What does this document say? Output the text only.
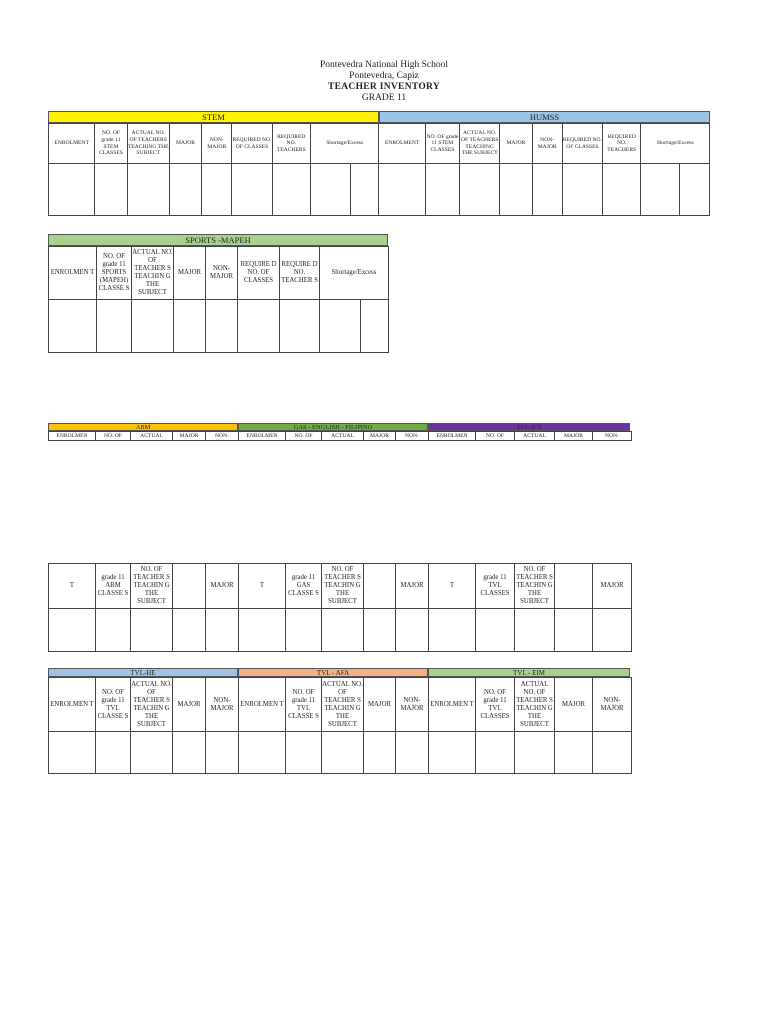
Pontevedra National High School
Pontevedra, Capiz
TEACHER INVENTORY
GRADE 11
STEM	HUMSS
ENROLMENT	NO. OF grade 11 STEM CLASSES	ACTUAL NO. OF TEACHERS TEACHING THE SUBJECT	MAJOR	NON-MAJOR	REQUIRED NO. OF CLASSES	REQUIRED NO. TEACHERS	Shortage/Excess		ENROLMENT	NO. OF grade 11 STEM CLASSES	ACTUAL NO. OF TEACHERS TEACHING THE SUBJECT	MAJOR	NON-MAJOR	REQUIRED NO. OF CLASSES	REQUIRED NO. TEACHERS	Shortage/Excess	

SPORTS -MAPEH
ENROLMEN T	NO. OF grade 11 SPORTS (MAPEH) CLASSE S	ACTUAL NO. OF TEACHER S TEACHIN G THE SUBJECT	MAJOR	NON-MAJOR	REQUIRE D NO. OF CLASSES	REQUIRE D NO. TEACHER S	Shortage/Excess	

ABM	GAS - ENGLISH - FILIPINO	TVL-ICT
ENROLMEN	NO. OF	ACTUAL	MAJOR	NON-	ENROLMEN	NO. OF	ACTUAL	MAJOR	NON-	ENROLMEN	NO. OF	ACTUAL	MAJOR	NON-
T	grade 11 ABM CLASSE S	NO. OF TEACHER S TEACHIN G THE SUBJECT		MAJOR	T	grade 11 GAS CLASSE S	NO. OF TEACHER S TEACHIN G THE SUBJECT		MAJOR	T	grade 11 TVL CLASSES	NO. OF TEACHER S TEACHIN G THE SUBJECT		MAJOR

TVL-HE	TVL - AFA	TVL - EIM
ENROLMEN T	NO. OF grade 11 TVL CLASSE S	ACTUAL NO. OF TEACHER S TEACHIN G THE SUBJECT	MAJOR	NON-MAJOR	ENROLMEN T	NO. OF grade 11 TVL CLASSE S	ACTUAL NO. OF TEACHER S TEACHIN G THE SUBJECT	MAJOR	NON-MAJOR	ENROLMEN T	NO. OF grade 11 TVL CLASSES	ACTUAL NO. OF TEACHER S TEACHIN G THE SUBJECT	MAJOR	NON-MAJOR
